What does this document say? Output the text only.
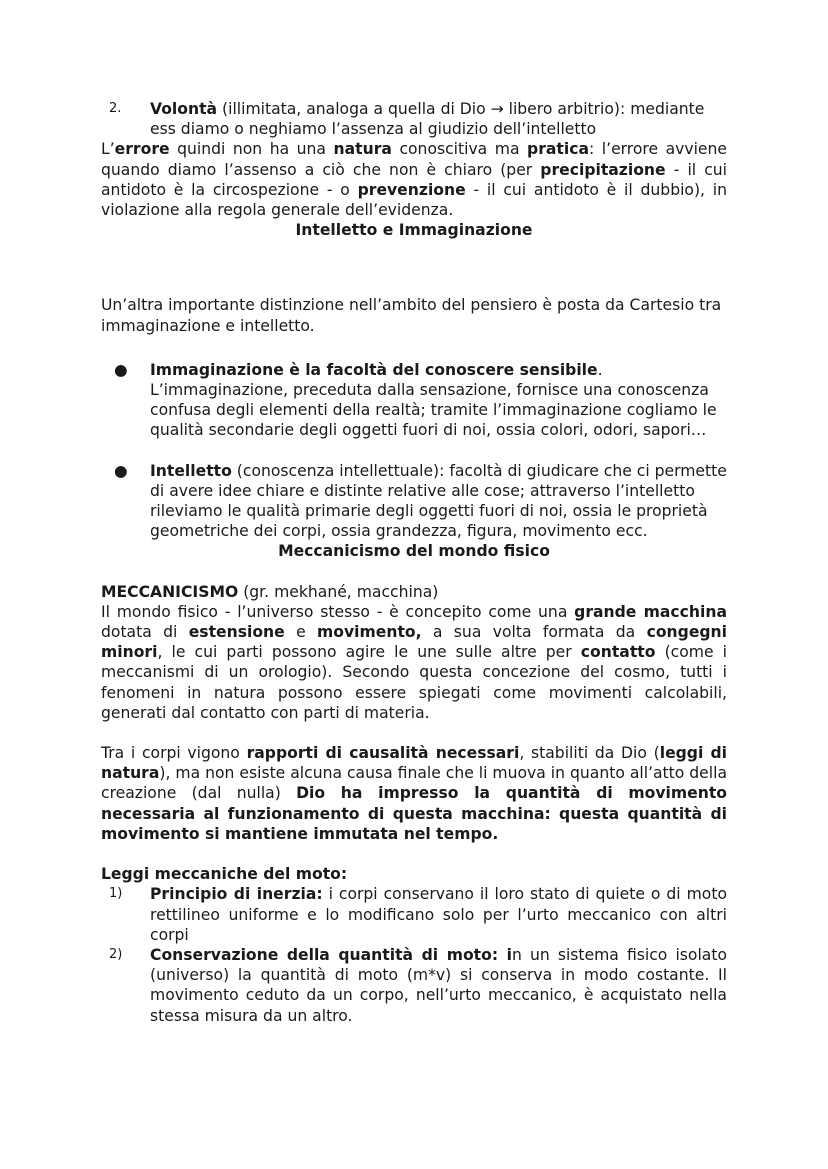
2. Volontà (illimitata, analoga a quella di Dio → libero arbitrio): mediante ess diamo o neghiamo l’assenza al giudizio dell’intelletto

L’errore quindi non ha una natura conoscitiva ma pratica: l’errore avviene quando diamo l’assenso a ciò che non è chiaro (per precipitazione - il cui antidoto è la circospezione - o prevenzione - il cui antidoto è il dubbio), in violazione alla regola generale dell’evidenza.

Intelletto e Immaginazione

Un’altra importante distinzione nell’ambito del pensiero è posta da Cartesio tra immaginazione e intelletto.

● Immaginazione è la facoltà del conoscere sensibile. L’immaginazione, preceduta dalla sensazione, fornisce una conoscenza confusa degli elementi della realtà; tramite l’immaginazione cogliamo le qualità secondarie degli oggetti fuori di noi, ossia colori, odori, sapori…

● Intelletto (conoscenza intellettuale): facoltà di giudicare che ci permette di avere idee chiare e distinte relative alle cose; attraverso l’intelletto rileviamo le qualità primarie degli oggetti fuori di noi, ossia le proprietà geometriche dei corpi, ossia grandezza, figura, movimento ecc.

Meccanicismo del mondo fisico

MECCANICISMO (gr. mekhané, macchina)

Il mondo fisico - l’universo stesso - è concepito come una grande macchina dotata di estensione e movimento, a sua volta formata da congegni minori, le cui parti possono agire le une sulle altre per contatto (come i meccanismi di un orologio). Secondo questa concezione del cosmo, tutti i fenomeni in natura possono essere spiegati come movimenti calcolabili, generati dal contatto con parti di materia.

Tra i corpi vigono rapporti di causalità necessari, stabiliti da Dio (leggi di natura), ma non esiste alcuna causa finale che li muova in quanto all’atto della creazione (dal nulla) Dio ha impresso la quantità di movimento necessaria al funzionamento di questa macchina: questa quantità di movimento si mantiene immutata nel tempo.

Leggi meccaniche del moto:

1) Principio di inerzia: i corpi conservano il loro stato di quiete o di moto rettilineo uniforme e lo modificano solo per l’urto meccanico con altri corpi

2) Conservazione della quantità di moto: in un sistema fisico isolato (universo) la quantità di moto (m*v) si conserva in modo costante. Il movimento ceduto da un corpo, nell’urto meccanico, è acquistato nella stessa misura da un altro.
